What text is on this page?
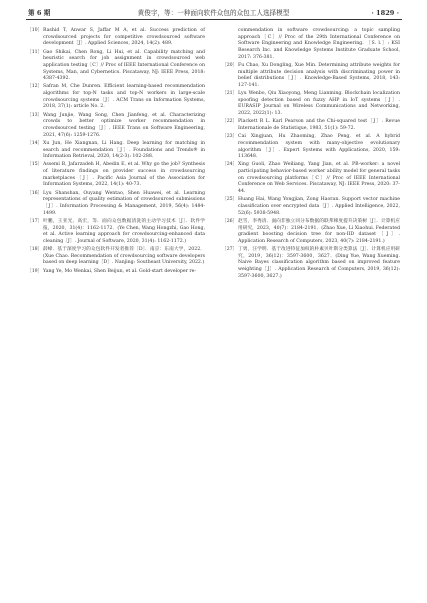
第 6 期	黄俊宇，等：一种面向软件众包的众包工人选择模型	· 1829 ·
［10］ Rashid T, Anwar S, Jaffar M A, et al. Success prediction of crowdsourced projects for competitive crowdsourced software development［J］. Applied Sciences, 2024, 14(2): 489.
［11］ Gao Shikai, Chen Rong, Li Hui, et al. Capability matching and heuristic search for job assignment in crowdsourced web application testing［C］// Proc of IEEE International Conference on Systems, Man, and Cybernetics. Piscataway, NJ: IEEE Press, 2018: 4387-4392.
［12］ Safran M, Che Dunren. Efficient learning-based recommendation algorithms for top-N tasks and top-N workers in large-scale crowdsourcing systems［J］. ACM Trans on Information Systems, 2018, 37(1): article No. 2.
［13］ Wang Junjie, Wang Song, Chen Jianfeng, et al. Characterizing crowds to better optimize worker recommendation in crowdsourced testing［J］. IEEE Trans on Software Engineering, 2021, 47(6): 1259-1276.
［14］ Xu Jun, He Xiangnan, Li Hang. Deep learning for matching in search and recommendation［J］. Foundations and Trends® in Information Retrieval, 2020, 14(2-3): 102-288.
［15］ Assemi B, Jafarzadeh H, Abedin E, et al. Why go the job? Synthesis of literature findings on provider success in crowdsourcing marketplaces［J］. Pacific Asia Journal of the Association for Information Systems, 2022, 14(1): 40-73.
［16］ Lyu Shanshan, Ouyang Wentao, Shen Huawei, et al. Learning representations of quality estimation of crowdsourced submissions［J］. Information Processing & Management, 2019, 56(4): 1484-1499.
［17］ 叶鹏，王亚光，高宏，等．面向众包数据清洗的主动学习技术［J］．软件学报，2020，31(4)：1162-1172．(Ye Chen, Wang Hongzhi, Gao Hong, et al. Active learning approach for crowdsourcing-enhanced data cleaning［J］. Journal of Software, 2020, 31(4): 1162-1172.)
［18］ 薛峰．基于深度学习的众包软件开发者推荐［D］．南京：东南大学，2022．(Xue Chao. Recommendation of crowdsourcing software developers based on deep learning［D］. Nanjing: Southeast University, 2022.)
［19］ Yang Ye, Mo Wenkai, Shen Beijun, et al. Gold-start developer re-
commendation in software crowdsourcing: a topic sampling approach［C］// Proc of the 29th International Conference on Software Engineering and Knowledge Engineering. ［S. l.］: KSI Research Inc. and Knowledge Systems Institute Graduate School, 2017: 376-381.
［20］ Fu Chao, Xu Dongling, Xue Min. Determining attribute weights for multiple attribute decision analysis with discriminating power in belief distributions［J］. Knowledge-Based Systems, 2018, 143: 127-141.
［21］ Lyu Wenbo, Qiu Xiaoyong, Meng Lianming. Blockchain localization spoofing detection based on fuzzy AHP in IoT systems［J］. EURASIP Journal on Wireless Communications and Networking, 2022, 2022(1): 13.
［22］ Plackett R L. Karl Pearson and the Chi-squared test［J］. Revue Internationale de Statistique, 1983, 51(1): 59-72.
［23］ Cai Xingjuan, Hu Zhaoming, Zhao Peng, et al. A hybrid recommendation system with many-objective evolutionary algorithm［J］. Expert Systems with Applications, 2020, 159: 113648.
［24］ Xing Guoli, Zhao Weiliang, Yang Jian, et al. PB-worker: a novel participating behavior-based worker ability model for general tasks on crowdsourcing platforms［C］// Proc of IEEE International Conference on Web Services. Piscataway, NJ: IEEE Press, 2020: 37-44.
［25］ Huang Hai, Wang Yongjian, Zong Haoran. Support vector machine classification over encrypted data［J］. Applied Intelligence, 2022, 52(6): 5938-5948.
［26］ 赵雪，李秀清．面向非独立同分布数据的联邦梯度提升决策树［J］．计算机应用研究，2023，40(7)：2184-2191．(Zhao Xue, Li Xiaohui. Federated gradient boosting decision tree for non-IID dataset［J］. Application Research of Computers, 2023, 40(7): 2184-2191.)
［27］ 丁勇，汪学明．基于改进特征加权的朴素贝叶斯分类算法［J］．计算机应用研究，2019，36(12)：3597-3600，3627．(Ding Yue, Wang Xueming. Naive Bayes classification algorithm based on improved feature weighting［J］. Application Research of Computers, 2019, 36(12): 3597-3600, 3627.)
